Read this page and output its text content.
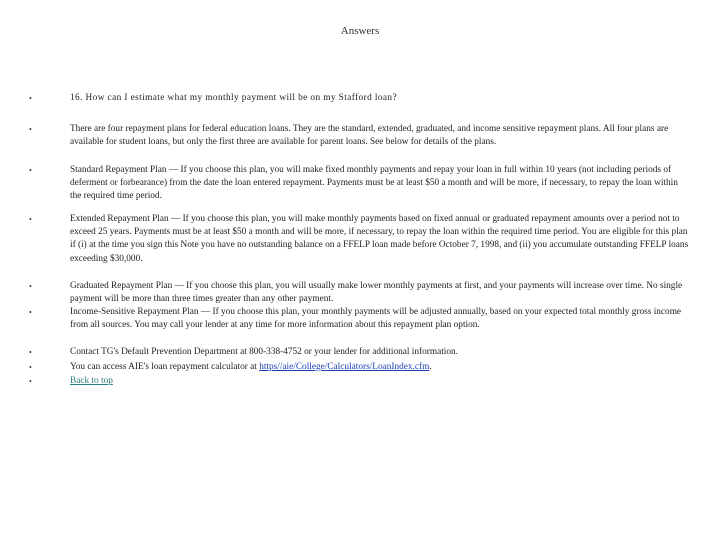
Answers
•	16. How can I estimate what my monthly payment will be on my Stafford loan?
•	There are four repayment plans for federal education loans. They are the standard, extended, graduated, and income sensitive repayment plans. All four plans are available for student loans, but only the first three are available for parent loans. See below for details of the plans.
•	Standard Repayment Plan — If you choose this plan, you will make fixed monthly payments and repay your loan in full within 10 years (not including periods of deferment or forbearance) from the date the loan entered repayment. Payments must be at least $50 a month and will be more, if necessary, to repay the loan within the required time period.
•	Extended Repayment Plan — If you choose this plan, you will make monthly payments based on fixed annual or graduated repayment amounts over a period not to exceed 25 years. Payments must be at least $50 a month and will be more, if necessary, to repay the loan within the required time period. You are eligible for this plan if (i) at the time you sign this Note you have no outstanding balance on a FFELP loan made before October 7, 1998, and (ii) you accumulate outstanding FFELP loans exceeding $30,000.
•	Graduated Repayment Plan — If you choose this plan, you will usually make lower monthly payments at first, and your payments will increase over time. No single payment will be more than three times greater than any other payment.
•	Income-Sensitive Repayment Plan — If you choose this plan, your monthly payments will be adjusted annually, based on your expected total monthly gross income from all sources. You may call your lender at any time for more information about this repayment plan option.
•	Contact TG's Default Prevention Department at 800-338-4752 or your lender for additional information.
•	You can access AIE's loan repayment calculator at https//aie/College/Calculators/LoanIndex.cfm.
•	Back to top
